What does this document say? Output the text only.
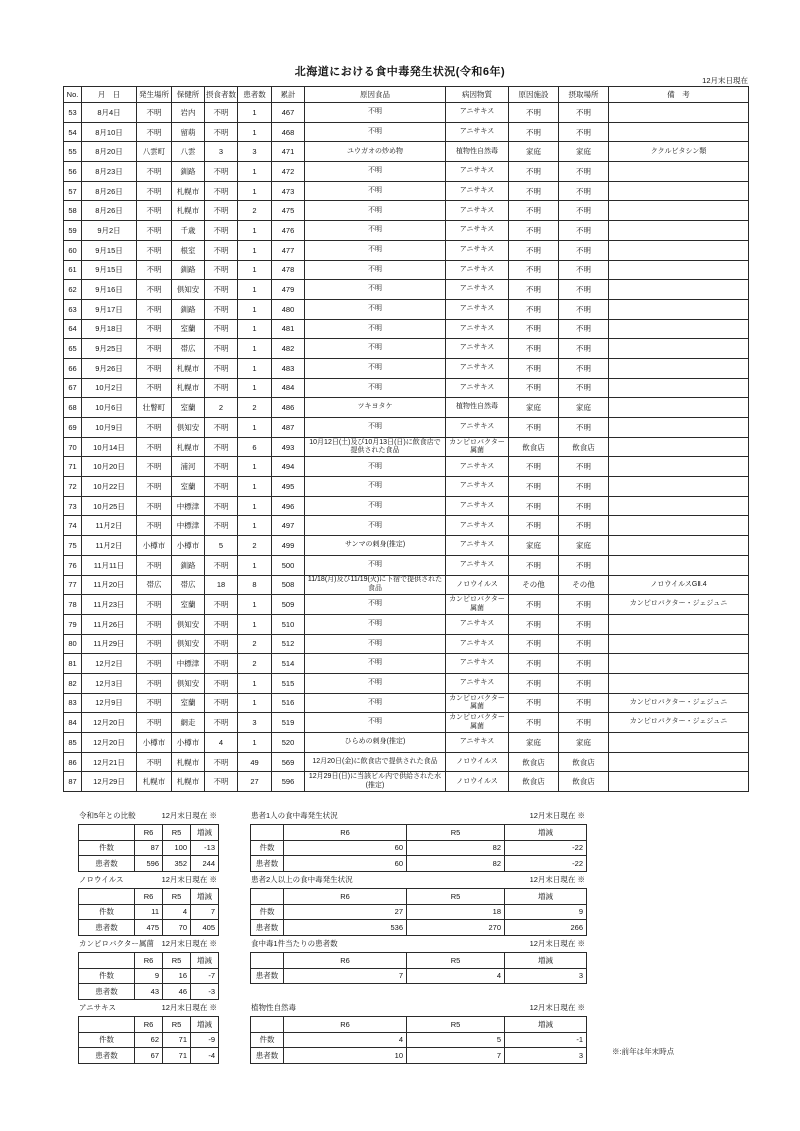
北海道における食中毒発生状況(令和6年)
12月末日現在
No.	月　日	発生場所	保健所	摂食者数	患者数	累計	原因食品	病因物質	原因施設	摂取場所	備　考
53	8月4日	不明	岩内	不明	1	467	不明	アニサキス	不明	不明	
54	8月10日	不明	留萌	不明	1	468	不明	アニサキス	不明	不明	
55	8月20日	八雲町	八雲	3	3	471	ユウガオの炒め物	植物性自然毒	家庭	家庭	ククルビタシン類
56	8月23日	不明	釧路	不明	1	472	不明	アニサキス	不明	不明	
57	8月26日	不明	札幌市	不明	1	473	不明	アニサキス	不明	不明	
58	8月26日	不明	札幌市	不明	2	475	不明	アニサキス	不明	不明	
59	9月2日	不明	千歳	不明	1	476	不明	アニサキス	不明	不明	
60	9月15日	不明	根室	不明	1	477	不明	アニサキス	不明	不明	
61	9月15日	不明	釧路	不明	1	478	不明	アニサキス	不明	不明	
62	9月16日	不明	倶知安	不明	1	479	不明	アニサキス	不明	不明	
63	9月17日	不明	釧路	不明	1	480	不明	アニサキス	不明	不明	
64	9月18日	不明	室蘭	不明	1	481	不明	アニサキス	不明	不明	
65	9月25日	不明	帯広	不明	1	482	不明	アニサキス	不明	不明	
66	9月26日	不明	札幌市	不明	1	483	不明	アニサキス	不明	不明	
67	10月2日	不明	札幌市	不明	1	484	不明	アニサキス	不明	不明	
68	10月6日	壮瞥町	室蘭	2	2	486	ツキヨタケ	植物性自然毒	家庭	家庭	
69	10月9日	不明	倶知安	不明	1	487	不明	アニサキス	不明	不明	
70	10月14日	不明	札幌市	不明	6	493	10月12日(土)及び10月13日(日)に飲食店で提供された食品	カンピロバクター属菌	飲食店	飲食店	
71	10月20日	不明	浦河	不明	1	494	不明	アニサキス	不明	不明	
72	10月22日	不明	室蘭	不明	1	495	不明	アニサキス	不明	不明	
73	10月25日	不明	中標津	不明	1	496	不明	アニサキス	不明	不明	
74	11月2日	不明	中標津	不明	1	497	不明	アニサキス	不明	不明	
75	11月2日	小樽市	小樽市	5	2	499	サンマの刺身(推定)	アニサキス	家庭	家庭	
76	11月11日	不明	釧路	不明	1	500	不明	アニサキス	不明	不明	
77	11月20日	帯広	帯広	18	8	508	11/18(月)及び11/19(火)に下宿で提供された食品	ノロウイルス	その他	その他	ノロウイルスGⅡ.4
78	11月23日	不明	室蘭	不明	1	509	不明	カンピロバクター属菌	不明	不明	カンピロバクター・ジェジュニ
79	11月26日	不明	倶知安	不明	1	510	不明	アニサキス	不明	不明	
80	11月29日	不明	倶知安	不明	2	512	不明	アニサキス	不明	不明	
81	12月2日	不明	中標津	不明	2	514	不明	アニサキス	不明	不明	
82	12月3日	不明	倶知安	不明	1	515	不明	アニサキス	不明	不明	
83	12月9日	不明	室蘭	不明	1	516	不明	カンピロバクター属菌	不明	不明	カンピロバクター・ジェジュニ
84	12月20日	不明	網走	不明	3	519	不明	カンピロバクター属菌	不明	不明	カンピロバクター・ジェジュニ
85	12月20日	小樽市	小樽市	4	1	520	ひらめの刺身(推定)	アニサキス	家庭	家庭	
86	12月21日	不明	札幌市	不明	49	569	12月20日(金)に飲食店で提供された食品	ノロウイルス	飲食店	飲食店	
87	12月29日	札幌市	札幌市	不明	27	596	12月29日(日)に当該ビル内で供給された水(推定)	ノロウイルス	飲食店	飲食店	
令和5年との比較	12月末日現在 ※
	R6	R5	増減
件数	87	100	-13
患者数	596	352	244
ノロウイルス	12月末日現在 ※
	R6	R5	増減
件数	11	4	7
患者数	475	70	405
カンピロバクター属菌 12月末日現在 ※
	R6	R5	増減
件数	9	16	-7
患者数	43	46	-3
アニサキス	12月末日現在 ※
	R6	R5	増減
件数	62	71	-9
患者数	67	71	-4
患者1人の食中毒発生状況	12月末日現在 ※
	R6	R5	増減
件数	60	82	-22
患者数	60	82	-22
患者2人以上の食中毒発生状況	12月末日現在 ※
	R6	R5	増減
件数	27	18	9
患者数	536	270	266
食中毒1件当たりの患者数	12月末日現在 ※
	R6	R5	増減
患者数	7	4	3
植物性自然毒	12月末日現在 ※
	R6	R5	増減
件数	4	5	-1
患者数	10	7	3	※:前年は年末時点
